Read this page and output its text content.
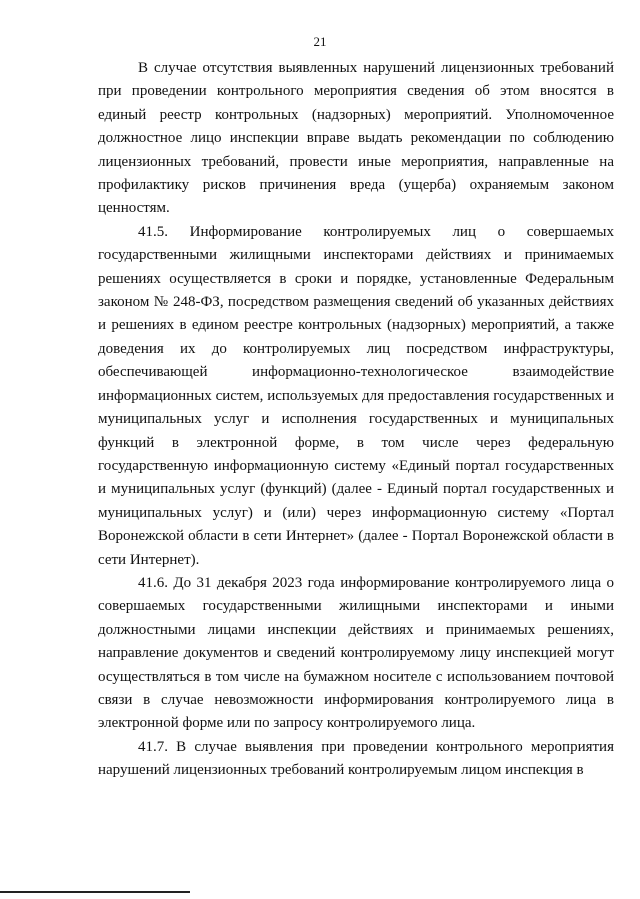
21

В случае отсутствия выявленных нарушений лицензионных требований при проведении контрольного мероприятия сведения об этом вносятся в единый реестр контрольных (надзорных) мероприятий. Уполномоченное должностное лицо инспекции вправе выдать рекомендации по соблюдению лицензионных требований, провести иные мероприятия, направленные на профилактику рисков причинения вреда (ущерба) охраняемым законом ценностям.

41.5. Информирование контролируемых лиц о совершаемых государственными жилищными инспекторами действиях и принимаемых решениях осуществляется в сроки и порядке, установленные Федеральным законом № 248-ФЗ, посредством размещения сведений об указанных действиях и решениях в едином реестре контрольных (надзорных) мероприятий, а также доведения их до контролируемых лиц посредством инфраструктуры, обеспечивающей информационно-технологическое взаимодействие информационных систем, используемых для предоставления государственных и муниципальных услуг и исполнения государственных и муниципальных функций в электронной форме, в том числе через федеральную государственную информационную систему «Единый портал государственных и муниципальных услуг (функций) (далее - Единый портал государственных и муниципальных услуг) и (или) через информационную систему «Портал Воронежской области в сети Интернет» (далее - Портал Воронежской области в сети Интернет).

41.6. До 31 декабря 2023 года информирование контролируемого лица о совершаемых государственными жилищными инспекторами и иными должностными лицами инспекции действиях и принимаемых решениях, направление документов и сведений контролируемому лицу инспекцией могут осуществляться в том числе на бумажном носителе с использованием почтовой связи в случае невозможности информирования контролируемого лица в электронной форме или по запросу контролируемого лица.

41.7. В случае выявления при проведении контрольного мероприятия нарушений лицензионных требований контролируемым лицом инспекция в
